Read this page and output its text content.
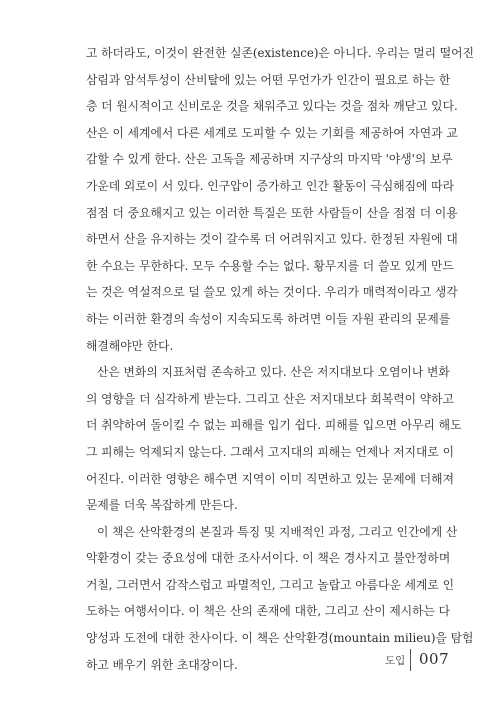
고 하더라도, 이것이 완전한 실존(existence)은 아니다. 우리는 멀리 떨어진
삼림과 암석투성이 산비탈에 있는 어떤 무언가가 인간이 필요로 하는 한
층 더 원시적이고 신비로운 것을 채워주고 있다는 것을 점차 깨닫고 있다.
산은 이 세계에서 다른 세계로 도피할 수 있는 기회를 제공하여 자연과 교
감할 수 있게 한다. 산은 고독을 제공하며 지구상의 마지막 '야생'의 보루
가운데 외로이 서 있다. 인구압이 증가하고 인간 활동이 극심해짐에 따라
점점 더 중요해지고 있는 이러한 특질은 또한 사람들이 산을 점점 더 이용
하면서 산을 유지하는 것이 갈수록 더 어려워지고 있다. 한정된 자원에 대
한 수요는 무한하다. 모두 수용할 수는 없다. 황무지를 더 쓸모 있게 만드
는 것은 역설적으로 덜 쓸모 있게 하는 것이다. 우리가 매력적이라고 생각
하는 이러한 환경의 속성이 지속되도록 하려면 이들 자원 관리의 문제를
해결해야만 한다.
산은 변화의 지표처럼 존속하고 있다. 산은 저지대보다 오염이나 변화
의 영향을 더 심각하게 받는다. 그리고 산은 저지대보다 회복력이 약하고
더 취약하여 돌이킬 수 없는 피해를 입기 쉽다. 피해를 입으면 아무리 해도
그 피해는 억제되지 않는다. 그래서 고지대의 피해는 언제나 저지대로 이
어진다. 이러한 영향은 해수면 지역이 이미 직면하고 있는 문제에 더해져
문제를 더욱 복잡하게 만든다.
이 책은 산악환경의 본질과 특징 및 지배적인 과정, 그리고 인간에게 산
악환경이 갖는 중요성에 대한 조사서이다. 이 책은 경사지고 불안정하며
거칠, 그러면서 감작스럽고 파멸적인, 그리고 놀랍고 아름다운 세계로 인
도하는 여행서이다. 이 책은 산의 존재에 대한, 그리고 산이 제시하는 다
양성과 도전에 대한 찬사이다. 이 책은 산악환경(mountain milieu)을 탐험
하고 배우기 위한 초대장이다.	도입 007
